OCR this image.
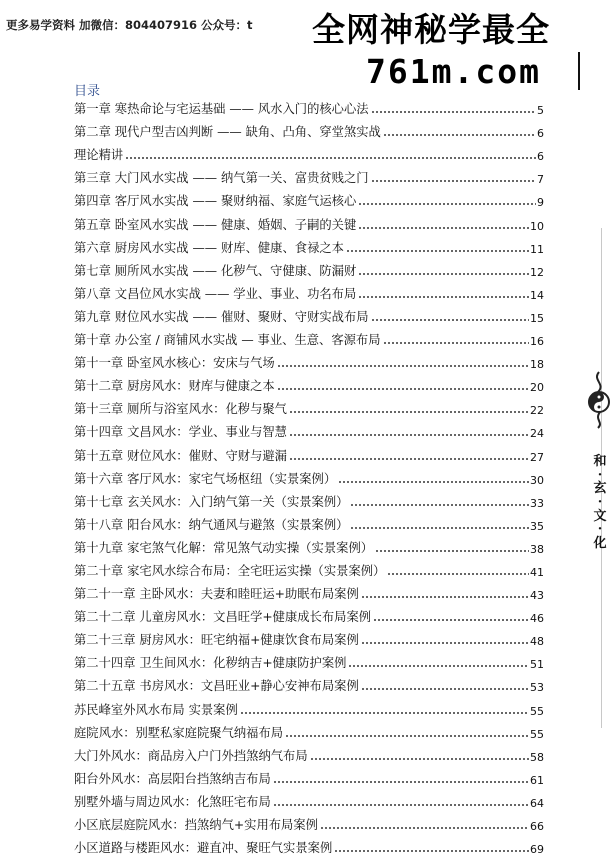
更多易学资料 加微信：804407916 公众号：t 全网神秘学最全
761m.com
目录
第一章 寒热命论与宅运基础 —— 风水入门的核心心法	5
第二章 现代户型吉凶判断 —— 缺角、凸角、穿堂煞实战	6
理论精讲	6
第三章 大门风水实战 —— 纳气第一关、富贵贫贱之门	7
第四章 客厅风水实战 —— 聚财纳福、家庭气运核心	9
第五章 卧室风水实战 —— 健康、婚姻、子嗣的关键	10
第六章 厨房风水实战 —— 财库、健康、食禄之本	11
第七章 厕所风水实战 —— 化秽气、守健康、防漏财	12
第八章 文昌位风水实战 —— 学业、事业、功名布局	14
第九章 财位风水实战 —— 催财、聚财、守财实战布局	15
第十章 办公室 / 商铺风水实战 — 事业、生意、客源布局	16
第十一章 卧室风水核心：安床与气场	18
第十二章 厨房风水：财库与健康之本	20
第十三章 厕所与浴室风水：化秽与聚气	22
第十四章 文昌风水：学业、事业与智慧	24
第十五章 财位风水：催财、守财与避漏	27
第十六章 客厅风水：家宅气场枢纽（实景案例）	30
第十七章 玄关风水：入门纳气第一关（实景案例）	33
第十八章 阳台风水：纳气通风与避煞（实景案例）	35
第十九章 家宅煞气化解：常见煞气动实操（实景案例）	38
第二十章 家宅风水综合布局：全宅旺运实操（实景案例）	41
第二十一章 主卧风水：夫妻和睦旺运+助眠布局案例	43
第二十二章 儿童房风水：文昌旺学+健康成长布局案例	46
第二十三章 厨房风水：旺宅纳福+健康饮食布局案例	48
第二十四章 卫生间风水：化秽纳吉+健康防护案例	51
第二十五章 书房风水：文昌旺业+静心安神布局案例	53
苏民峰室外风水布局 实景案例	55
庭院风水：别墅私家庭院聚气纳福布局	55
大门外风水：商品房入户门外挡煞纳气布局	58
阳台外风水：高层阳台挡煞纳吉布局	61
别墅外墙与周边风水：化煞旺宅布局	64
小区底层庭院风水：挡煞纳气+实用布局案例	66
小区道路与楼距风水：避直冲、聚旺气实景案例	69
和
·
玄
·
文
·
化
